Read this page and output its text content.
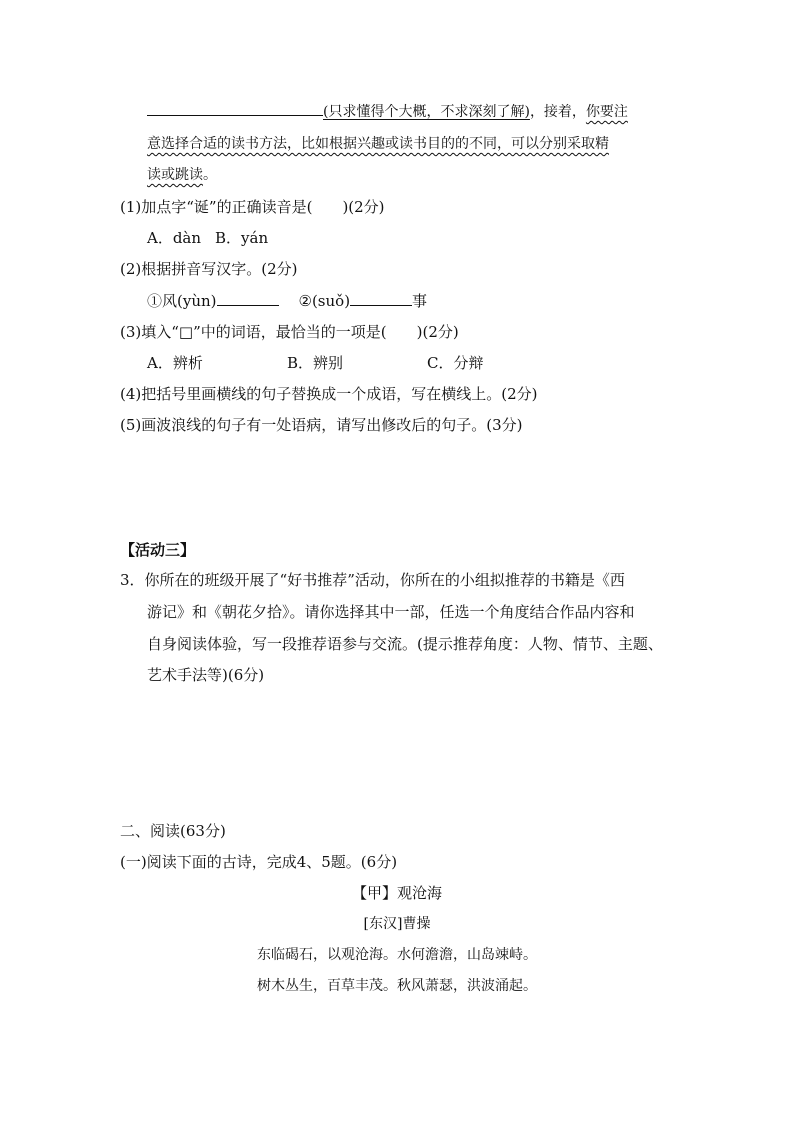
(只求懂得个大概，不求深刻了解)，接着，你要注
意选择合适的读书方法，比如根据兴趣或读书目的的不同，可以分别采取精
读或跳读。
(1)加点字“诞”的正确读音是(　　)(2分)
A．dàn B．yán
(2)根据拼音写汉字。(2分)
①风(yùn)	②(suǒ)	事
(3)填入“□”中的词语，最恰当的一项是(　　)(2分)
A．辨析	B．辨别	C．分辩
(4)把括号里画横线的句子替换成一个成语，写在横线上。(2分)
(5)画波浪线的句子有一处语病，请写出修改后的句子。(3分)
【活动三】
3．你所在的班级开展了“好书推荐”活动，你所在的小组拟推荐的书籍是《西
游记》和《朝花夕拾》。请你选择其中一部，任选一个角度结合作品内容和
自身阅读体验，写一段推荐语参与交流。(提示推荐角度：人物、情节、主题、
艺术手法等)(6分)
二、阅读(63分)
(一)阅读下面的古诗，完成4、5题。(6分)
【甲】观沧海
[东汉]曹操
东临碣石，以观沧海。水何澹澹，山岛竦峙。
树木丛生，百草丰茂。秋风萧瑟，洪波涌起。
